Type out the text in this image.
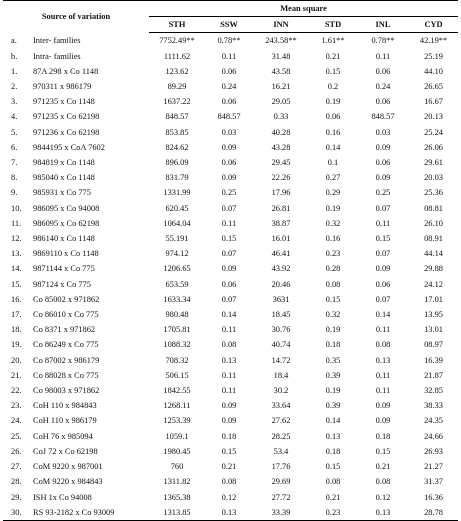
Source of variation		Mean square					
		STH	SSW	INN	STD	INL	CYD
a.	Inter- families	7752.49**	0.78**	243.58**	1.61**	0.78**	42.19**
b.	Intra- families	1111.62	0.11	31.48	0.21	0.11	25.19
1.	87A 298 x Co 1148	123.62	0.06	43.58	0.15	0.06	44.10
2.	970311 x 986179	89.29	0.24	16.21	0.2	0.24	26.65
3.	971235 x Co 1148	1637.22	0.06	29.05	0.19	0.06	16.67
4.	971235 x Co 62198	848.57	848.57	0.33	0.06	848.57	20.13
5.	971236 x Co 62198	853.85	0.03	40.28	0.16	0.03	25.24
6.	9844195 x CoA 7602	824.62	0.09	43.28	0.14	0.09	26.06
7.	984819 x Co 1148	896.09	0.06	29.45	0.1	0.06	29.61
8.	985040 x Co 1148	831.79	0.09	22.26	0.27	0.09	20.03
9.	985931 x Co 775	1331.99	0.25	17.96	0.29	0.25	25.36
10.	986095 x Co 94008	620.45	0.07	26.81	0.19	0.07	08.81
11.	986095 x Co 62198	1064.04	0.11	38.87	0.32	0.11	26.10
12.	986140 x Co 1148	55.191	0.15	16.01	0.16	0.15	08.91
13.	9869110 x Co 1148	974.12	0.07	46.41	0.23	0.07	44.14
14.	9871144 x Co 775	1206.65	0.09	43.92	0.28	0.09	29.88
15.	987124 x Co 775	653.59	0.06	20.46	0.08	0.06	24.12
16.	Co 85002 x 971862	1633.34	0.07	3631	0.15	0.07	17.01
17.	Co 86010 x Co 775	980.48	0.14	18.45	0.32	0.14	13.95
18.	Co 8371 x 971862	1705.81	0.11	30.76	0.19	0.11	13.01
19.	Co 86249 x Co 775	1088.32	0.08	40.74	0.18	0.08	08.97
20.	Co 87002 x 986179	708.32	0.13	14.72	0.35	0.13	16.39
21.	Co 88028 x Co 775	506.15	0.11	18.4	0.39	0.11	21.87
22.	Co 98003 x 971862	1842.55	0.11	30.2	0.19	0.11	32.85
23.	CoH 110 x 984843	1268.11	0.09	33.64	0.39	0.09	38.33
24.	CoH 110 x 986179	1253.39	0.09	27.62	0.14	0.09	24.35
25.	CoH 76 x 985094	1059.1	0.18	28.25	0.13	0.18	24.66
26.	CoJ 72 x Co 62198	1980.45	0.15	53.4	0.18	0.15	26.93
27.	CoM 9220 x 987001	760	0.21	17.76	0.15	0.21	21.27
28.	CoM 9220 x 984843	1311.82	0.08	29.69	0.08	0.08	31.37
29.	ISH 1x Co 94008	1365.38	0.12	27.72	0.21	0.12	16.36
30.	RS 93-2182 x Co 93009	1313.85	0.13	33.39	0.23	0.13	28.78
